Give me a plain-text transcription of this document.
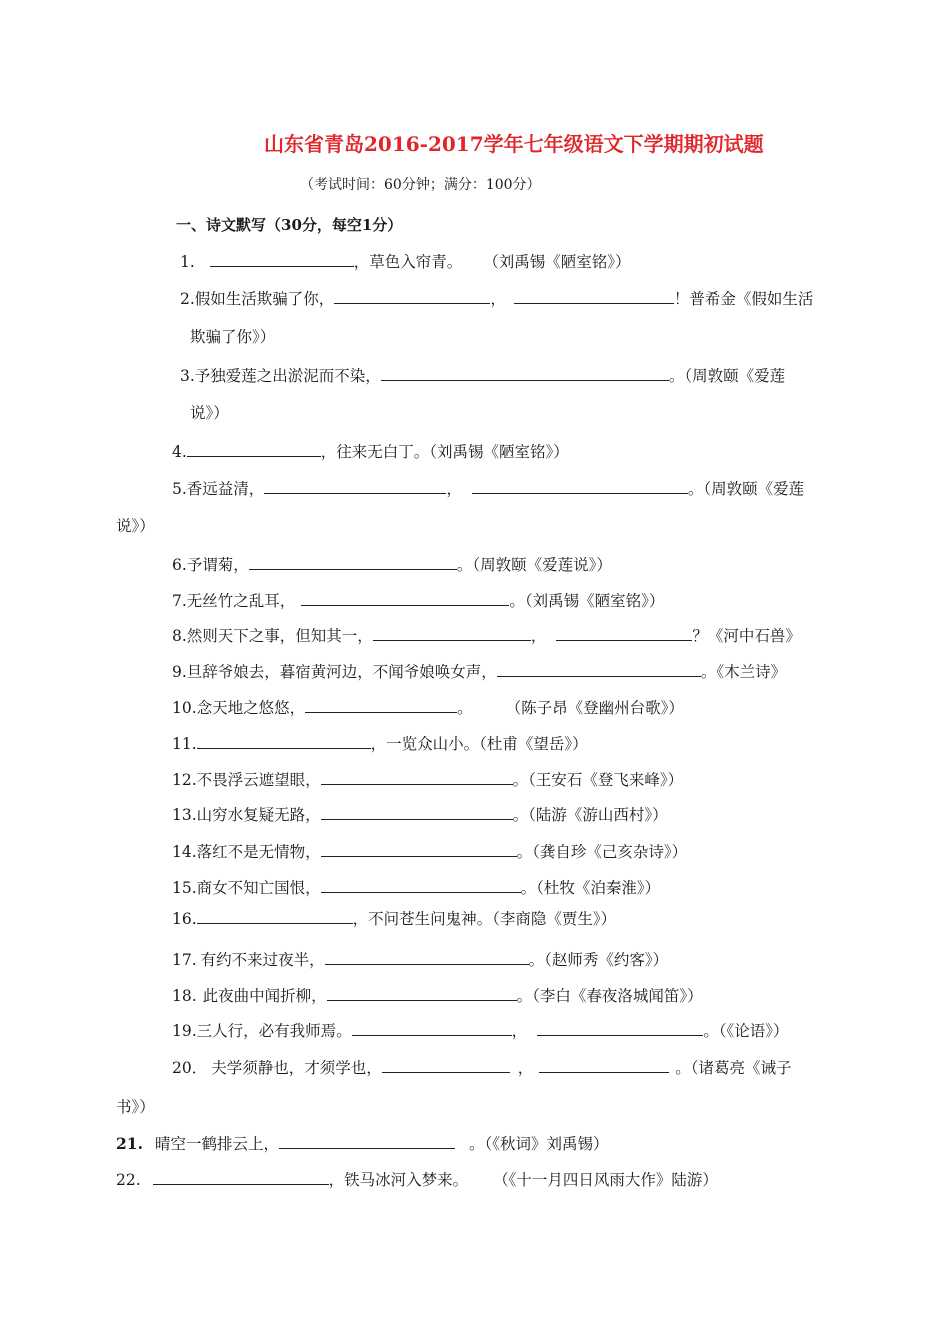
山东省青岛2016-2017学年七年级语文下学期期初试题
（考试时间：60分钟；满分：100分）
一、诗文默写（30分，每空1分）
1.	，草色入帘青。 （刘禹锡《陋室铭》）
2.假如生活欺骗了你，	，	！普希金《假如生活
欺骗了你》）
3.予独爱莲之出淤泥而不染，	。（周敦颐《爱莲
说》）
4.	，往来无白丁。（刘禹锡《陋室铭》）
5.香远益清，	，	。（周敦颐《爱莲
说》）
6.予谓菊，	。（周敦颐《爱莲说》）
7.无丝竹之乱耳，	。（刘禹锡《陋室铭》）
8.然则天下之事，但知其一，	，	？《河中石兽》
9.旦辞爷娘去，暮宿黄河边，不闻爷娘唤女声，	。《木兰诗》
10.念天地之悠悠，	。 （陈子昂《登幽州台歌》）
11.	，一览众山小。（杜甫《望岳》）
12.不畏浮云遮望眼，	。（王安石《登飞来峰》）
13.山穷水复疑无路，	。（陆游《游山西村》）
14.落红不是无情物，	。（龚自珍《己亥杂诗》）
15.商女不知亡国恨，	。（杜牧《泊秦淮》）
16.	，不问苍生问鬼神。（李商隐《贾生》）
17. 有约不来过夜半，	。（赵师秀《约客》）
18. 此夜曲中闻折柳，	。（李白《春夜洛城闻笛》）
19.三人行，必有我师焉。	，	。（《论语》）
20． 夫学须静也，才须学也，	，	。（诸葛亮《诫子
书》）
21. 晴空一鹤排云上，	。（《秋词》刘禹锡）
22.	，铁马冰河入梦来。 （《十一月四日风雨大作》陆游）
